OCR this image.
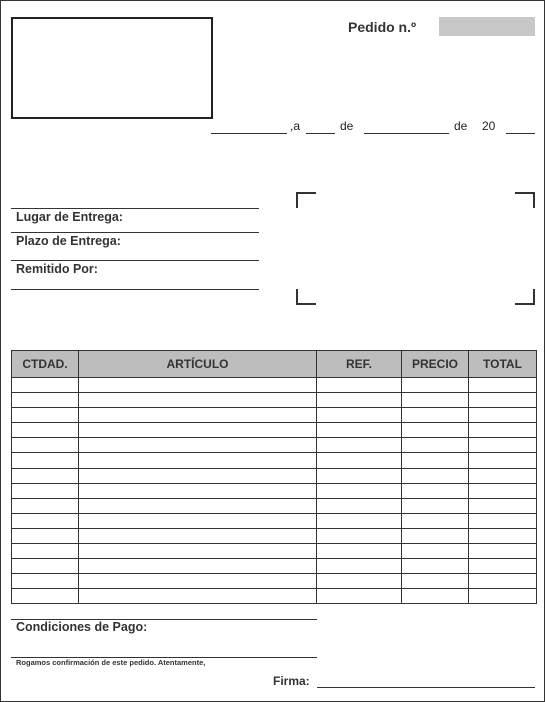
Pedido n.º
,a	de	de 20
Lugar de Entrega:
Plazo de Entrega:
Remitido Por:
CTDAD.	ARTÍCULO	REF.	PRECIO	TOTAL

Condiciones de Pago:
Rogamos confirmación de este pedido. Atentamente,
Firma:
